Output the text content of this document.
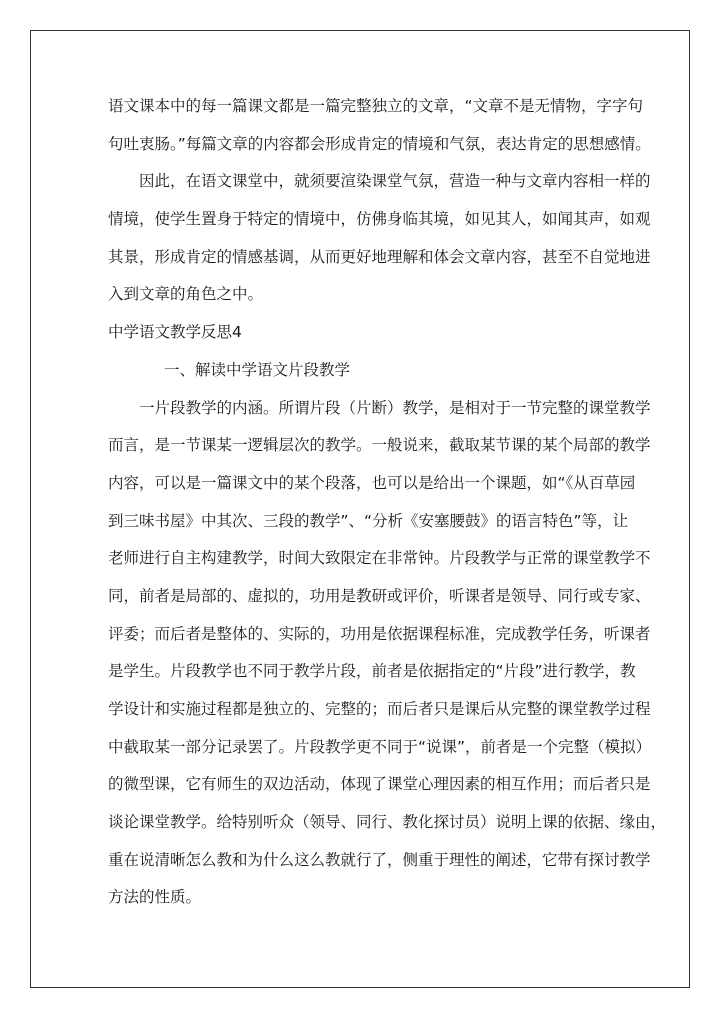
语文课本中的每一篇课文都是一篇完整独立的文章，“文章不是无情物，字字句
句吐衷肠。”每篇文章的内容都会形成肯定的情境和气氛，表达肯定的思想感情。
因此，在语文课堂中，就须要渲染课堂气氛，营造一种与文章内容相一样的
情境，使学生置身于特定的情境中，仿佛身临其境，如见其人，如闻其声，如观
其景，形成肯定的情感基调，从而更好地理解和体会文章内容，甚至不自觉地进
入到文章的角色之中。
中学语文教学反思4
一、解读中学语文片段教学
一片段教学的内涵。所谓片段（片断）教学，是相对于一节完整的课堂教学
而言，是一节课某一逻辑层次的教学。一般说来，截取某节课的某个局部的教学
内容，可以是一篇课文中的某个段落，也可以是给出一个课题，如“《从百草园
到三味书屋》中其次、三段的教学”、“分析《安塞腰鼓》的语言特色”等，让
老师进行自主构建教学，时间大致限定在非常钟。片段教学与正常的课堂教学不
同，前者是局部的、虚拟的，功用是教研或评价，听课者是领导、同行或专家、
评委；而后者是整体的、实际的，功用是依据课程标准，完成教学任务，听课者
是学生。片段教学也不同于教学片段，前者是依据指定的“片段”进行教学，教
学设计和实施过程都是独立的、完整的；而后者只是课后从完整的课堂教学过程
中截取某一部分记录罢了。片段教学更不同于“说课”，前者是一个完整（模拟）
的微型课，它有师生的双边活动，体现了课堂心理因素的相互作用；而后者只是
谈论课堂教学。给特别听众（领导、同行、教化探讨员）说明上课的依据、缘由，
重在说清晰怎么教和为什么这么教就行了，侧重于理性的阐述，它带有探讨教学
方法的性质。
